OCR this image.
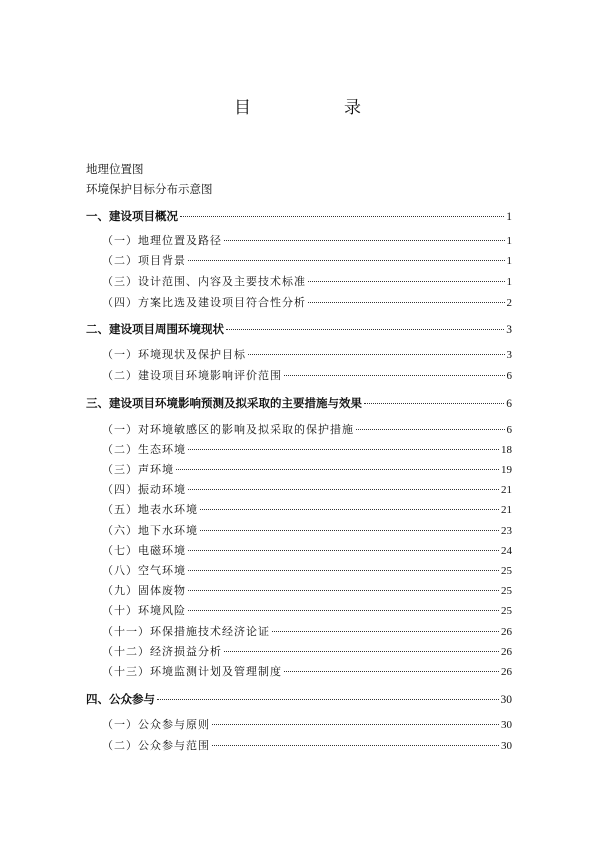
目　录
地理位置图
环境保护目标分布示意图
一、建设项目概况	1
（一）地理位置及路径	1
（二）项目背景	1
（三）设计范围、内容及主要技术标准	1
（四）方案比选及建设项目符合性分析	2
二、建设项目周围环境现状	3
（一）环境现状及保护目标	3
（二）建设项目环境影响评价范围	6
三、建设项目环境影响预测及拟采取的主要措施与效果	6
（一）对环境敏感区的影响及拟采取的保护措施	6
（二）生态环境	18
（三）声环境	19
（四）振动环境	21
（五）地表水环境	21
（六）地下水环境	23
（七）电磁环境	24
（八）空气环境	25
（九）固体废物	25
（十）环境风险	25
（十一）环保措施技术经济论证	26
（十二）经济损益分析	26
（十三）环境监测计划及管理制度	26
四、公众参与	30
（一）公众参与原则	30
（二）公众参与范围	30
